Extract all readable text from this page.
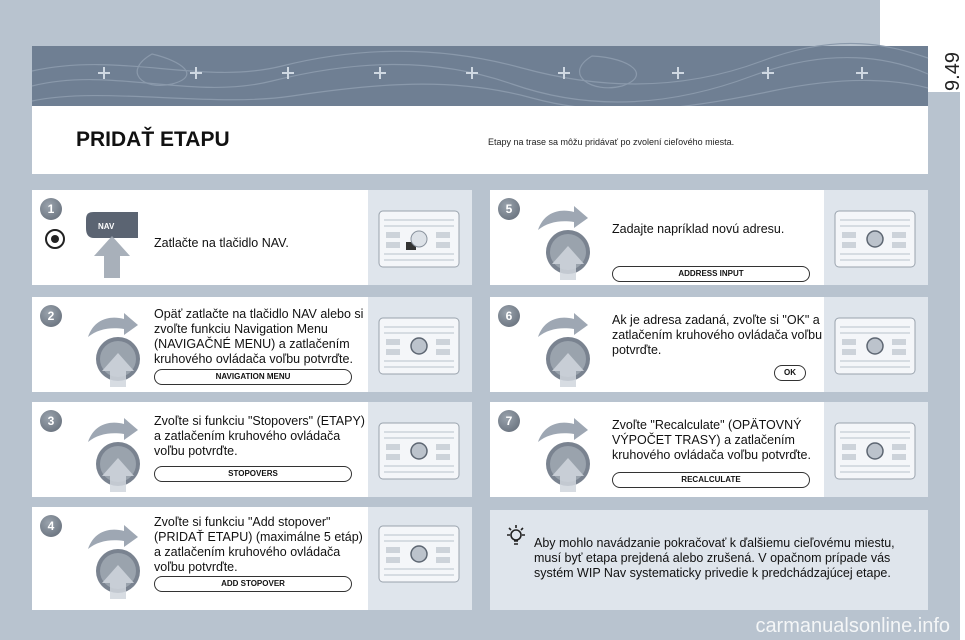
9.49
PRIDAŤ ETAPU	Etapy na trase sa môžu pridávať po zvolení cieľového miesta.
1
NAV
Zatlačte na tlačidlo NAV.
2	Opäť zatlačte na tlačidlo NAV alebo si zvoľte funkciu Navigation Menu (NAVIGAČNÉ MENU) a zatlačením kruhového ovládača voľbu potvrďte.
NAVIGATION MENU
3	Zvoľte si funkciu "Stopovers" (ETAPY) a zatlačením kruhového ovládača voľbu potvrďte.
STOPOVERS
4	Zvoľte si funkciu "Add stopover" (PRIDAŤ ETAPU) (maximálne 5 etáp) a zatlačením kruhového ovládača voľbu potvrďte.
ADD STOPOVER
5
Zadajte napríklad novú adresu.
ADDRESS INPUT
6	Ak je adresa zadaná, zvoľte si "OK" a zatlačením kruhového ovládača voľbu potvrďte.
OK
7	Zvoľte "Recalculate" (OPÄTOVNÝ VÝPOČET TRASY) a zatlačením kruhového ovládača voľbu potvrďte.
RECALCULATE
Aby mohlo navádzanie pokračovať k ďalšiemu cieľovému miestu, musí byť etapa prejdená alebo zrušená. V opačnom prípade vás systém WIP Nav systematicky privedie k predchádzajúcej etape.
carmanualsonline.info
